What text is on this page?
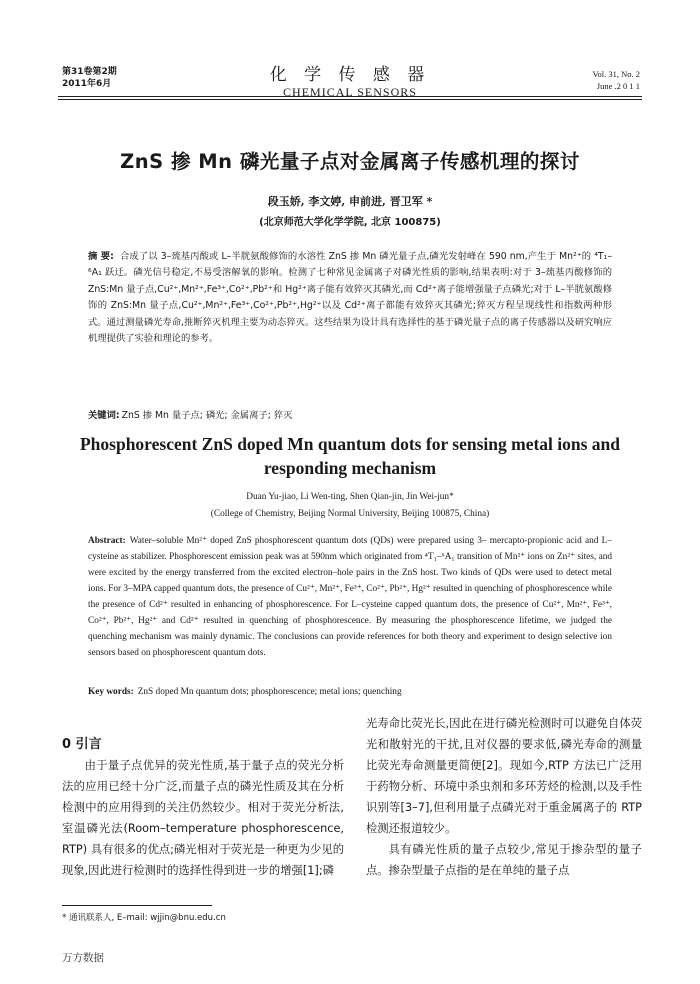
第31卷第2期
2011年6月	化 学 传 感 器
CHEMICAL SENSORS
Vol. 31, No. 2
June .2 0 1 1
ZnS 掺 Mn 磷光量子点对金属离子传感机理的探讨
段玉娇, 李文婷, 申前进, 晋卫军 *
(北京师范大学化学学院, 北京 100875)
摘 要: 合成了以 3–巯基丙酸或 L–半胱氨酸修饰的水溶性 ZnS 掺 Mn 磷光量子点,磷光发射峰在 590 nm,产生于 Mn²⁺的 ⁴T₁–⁶A₁ 跃迁。磷光信号稳定,不易受溶解氧的影响。检测了七种常见金属离子对磷光性质的影响,结果表明:对于 3–巯基丙酸修饰的 ZnS:Mn 量子点,Cu²⁺,Mn²⁺,Fe³⁺,Co²⁺,Pb²⁺和 Hg²⁺离子能有效猝灭其磷光,而 Cd²⁺离子能增强量子点磷光;对于 L–半胱氨酸修饰的 ZnS:Mn 量子点,Cu²⁺,Mn²⁺,Fe³⁺,Co²⁺,Pb²⁺,Hg²⁺以及 Cd²⁺离子都能有效猝灭其磷光;猝灭方程呈现线性和指数两种形式。通过测量磷光寿命,推断猝灭机理主要为动态猝灭。这些结果为设计具有选择性的基于磷光量子点的离子传感器以及研究响应机理提供了实验和理论的参考。
关键词: ZnS 掺 Mn 量子点; 磷光; 金属离子; 猝灭
Phosphorescent ZnS doped Mn quantum dots for sensing metal ions and responding mechanism
Duan Yu-jiao, Li Wen-ting, Shen Qian-jin, Jin Wei-jun*
(College of Chemistry, Beijing Normal University, Beijing 100875, China)
Abstract: Water–soluble Mn²⁺ doped ZnS phosphorescent quantum dots (QDs) were prepared using 3– mercapto-propionic acid and L–cysteine as stabilizer. Phosphorescent emission peak was at 590nm which originated from ⁴T₁–⁶A₁ transition of Mn²⁺ ions on Zn²⁺ sites, and were excited by the energy transferred from the excited electron–hole pairs in the ZnS host. Two kinds of QDs were used to detect metal ions. For 3–MPA capped quantum dots, the presence of Cu²⁺, Mn²⁺, Fe³⁺, Co²⁺, Pb²⁺, Hg²⁺ resulted in quenching of phosphorescence while the presence of Cd²⁺ resulted in enhancing of phosphorescence. For L–cysteine capped quantum dots, the presence of Cu²⁺, Mn²⁺, Fe³⁺, Co²⁺, Pb²⁺, Hg²⁺ and Cd²⁺ resulted in quenching of phosphorescence. By measuring the phosphorescence lifetime, we judged the quenching mechanism was mainly dynamic. The conclusions can provide references for both theory and experiment to design selective ion sensors based on phosphorescent quantum dots.
Key words: ZnS doped Mn quantum dots; phosphorescence; metal ions; quenching
0 引言

由于量子点优异的荧光性质,基于量子点的荧光分析法的应用已经十分广泛,而量子点的磷光性质及其在分析检测中的应用得到的关注仍然较少。相对于荧光分析法,室温磷光法(Room–temperature phosphorescence, RTP) 具有很多的优点;磷光相对于荧光是一种更为少见的现象,因此进行检测时的选择性得到进一步的增强[1];磷

光寿命比荧光长,因此在进行磷光检测时可以避免自体荧光和散射光的干扰,且对仪器的要求低,磷光寿命的测量比荧光寿命测量更简便[2]。现如今,RTP 方法已广泛用于药物分析、环境中杀虫剂和多环芳烃的检测,以及手性识别等[3–7],但利用量子点磷光对于重金属离子的 RTP 检测还报道较少。

具有磷光性质的量子点较少,常见于掺杂型的量子点。掺杂型量子点指的是在单纯的量子点

* 通讯联系人, E–mail: wjjin@bnu.edu.cn
万方数据
